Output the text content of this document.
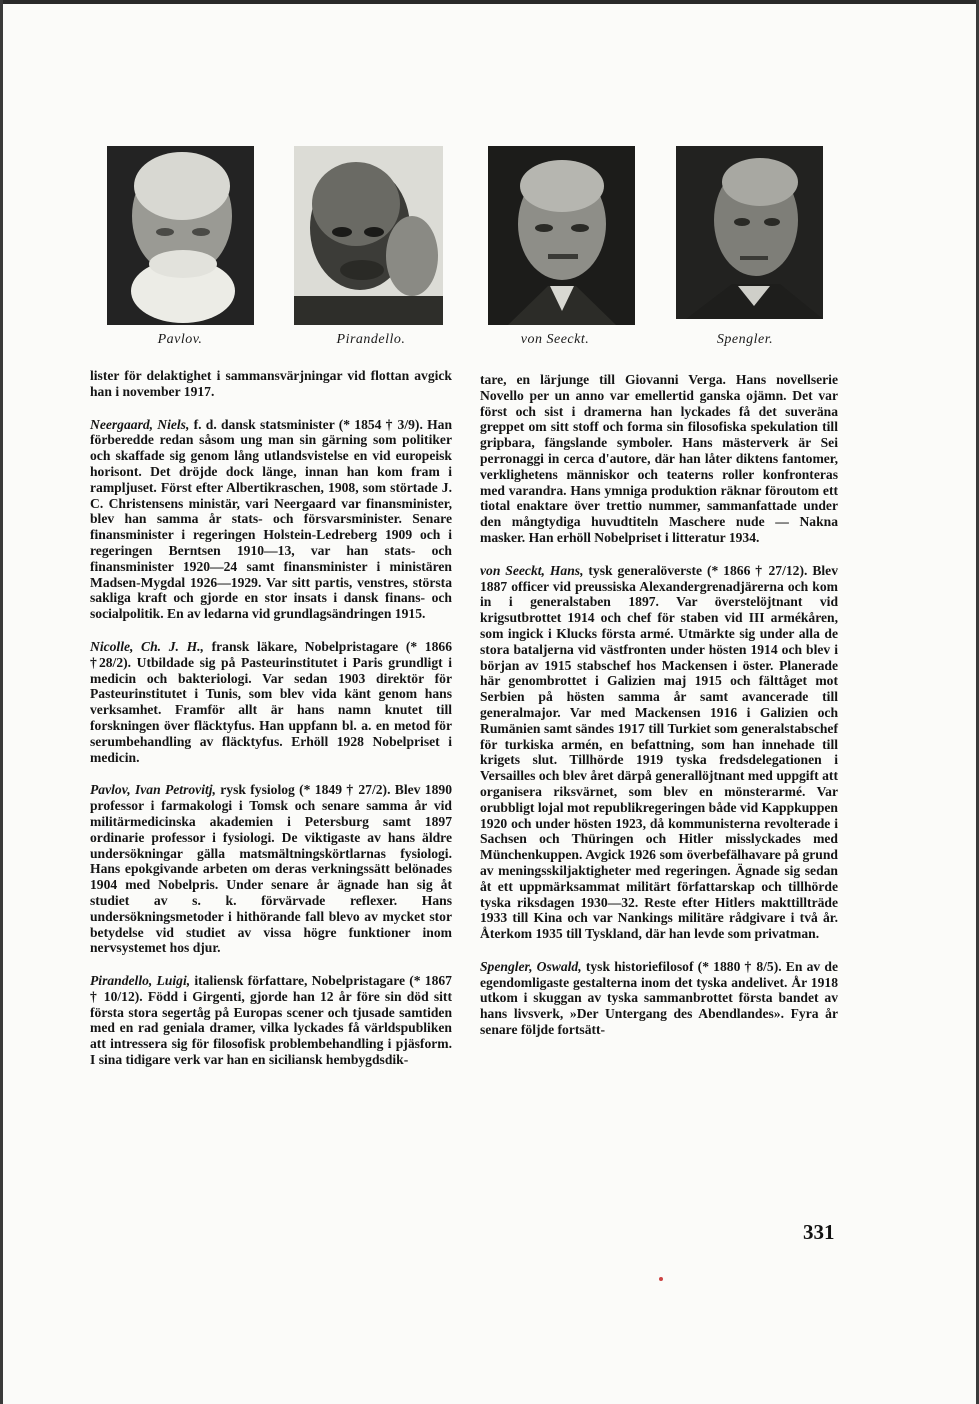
Pavlov.	Pirandello.	von Seeckt.	Spengler.

lister för delaktighet i sammansvärjningar vid flottan avgick han i november 1917.

Neergaard, Niels, f. d. dansk statsminister (* 1854 † 3/9). Han förberedde redan såsom ung man sin gärning som politiker och skaffade sig genom lång utlandsvistelse en vid europeisk horisont. Det dröjde dock länge, innan han kom fram i rampljuset. Först efter Albertikraschen, 1908, som störtade J. C. Christensens ministär, vari Neergaard var finansminister, blev han samma år stats- och försvarsminister. Senare finansminister i regeringen Holstein-Ledreberg 1909 och i regeringen Berntsen 1910—13, var han stats- och finansminister 1920—24 samt finansminister i ministären Madsen-Mygdal 1926—1929. Var sitt partis, venstres, största sakliga kraft och gjorde en stor insats i dansk finans- och socialpolitik. En av ledarna vid grundlagsändringen 1915.

Nicolle, Ch. J. H., fransk läkare, Nobelpristagare (* 1866 †28/2). Utbildade sig på Pasteurinstitutet i Paris grundligt i medicin och bakteriologi. Var sedan 1903 direktör för Pasteurinstitutet i Tunis, som blev vida känt genom hans verksamhet. Framför allt är hans namn knutet till forskningen över fläcktyfus. Han uppfann bl. a. en metod för serumbehandling av fläcktyfus. Erhöll 1928 Nobelpriset i medicin.

Pavlov, Ivan Petrovitj, rysk fysiolog (* 1849 † 27/2). Blev 1890 professor i farmakologi i Tomsk och senare samma år vid militärmedicinska akademien i Petersburg samt 1897 ordinarie professor i fysiologi. De viktigaste av hans äldre undersökningar gälla matsmältningskörtlarnas fysiologi. Hans epokgivande arbeten om deras verkningssätt belönades 1904 med Nobelpris. Under senare år ägnade han sig åt studiet av s. k. förvärvade reflexer. Hans undersökningsmetoder i hithörande fall blevo av mycket stor betydelse vid studiet av vissa högre funktioner inom nervsystemet hos djur.

Pirandello, Luigi, italiensk författare, Nobelpristagare (* 1867 † 10/12). Född i Girgenti, gjorde han 12 år före sin död sitt första stora segertåg på Europas scener och tjusade samtiden med en rad geniala dramer, vilka lyckades få världspubliken att intressera sig för filosofisk problembehandling i pjäsform. I sina tidigare verk var han en siciliansk hembygdsdik-

tare, en lärjunge till Giovanni Verga. Hans novellserie Novello per un anno var emellertid ganska ojämn. Det var först och sist i dramerna han lyckades få det suveräna greppet om sitt stoff och forma sin filosofiska spekulation till gripbara, fängslande symboler. Hans mästerverk är Sei perronaggi in cerca d'autore, där han låter diktens fantomer, verklighetens människor och teaterns roller konfronteras med varandra. Hans ymniga produktion räknar föroutom ett tiotal enaktare över trettio nummer, sammanfattade under den mångtydiga huvudtiteln Maschere nude — Nakna masker. Han erhöll Nobelpriset i litteratur 1934.

von Seeckt, Hans, tysk generalöverste (* 1866 † 27/12). Blev 1887 officer vid preussiska Alexandergrenadjärerna och kom in i generalstaben 1897. Var överstelöjtnant vid krigsutbrottet 1914 och chef för staben vid III armékåren, som ingick i Klucks första armé. Utmärkte sig under alla de stora bataljerna vid västfronten under hösten 1914 och blev i början av 1915 stabschef hos Mackensen i öster. Planerade här genombrottet i Galizien maj 1915 och fälttåget mot Serbien på hösten samma år samt avancerade till generalmajor. Var med Mackensen 1916 i Galizien och Rumänien samt sändes 1917 till Turkiet som generalstabschef för turkiska armén, en befattning, som han innehade till krigets slut. Tillhörde 1919 tyska fredsdelegationen i Versailles och blev året därpå generallöjtnant med uppgift att organisera riksvärnet, som blev en mönsterarmé. Var orubbligt lojal mot republikregeringen både vid Kappkuppen 1920 och under hösten 1923, då kommunisterna revolterade i Sachsen och Thüringen och Hitler misslyckades med Münchenkuppen. Avgick 1926 som överbefälhavare på grund av meningsskiljaktigheter med regeringen. Ägnade sig sedan åt ett uppmärksammat militärt författarskap och tillhörde tyska riksdagen 1930—32. Reste efter Hitlers makttillträde 1933 till Kina och var Nankings militäre rådgivare i två år. Återkom 1935 till Tyskland, där han levde som privatman.

Spengler, Oswald, tysk historiefilosof (* 1880 † 8/5). En av de egendomligaste gestalterna inom det tyska andelivet. År 1918 utkom i skuggan av tyska sammanbrottet första bandet av hans livsverk, »Der Untergang des Abendlandes». Fyra år senare följde fortsätt-

331
